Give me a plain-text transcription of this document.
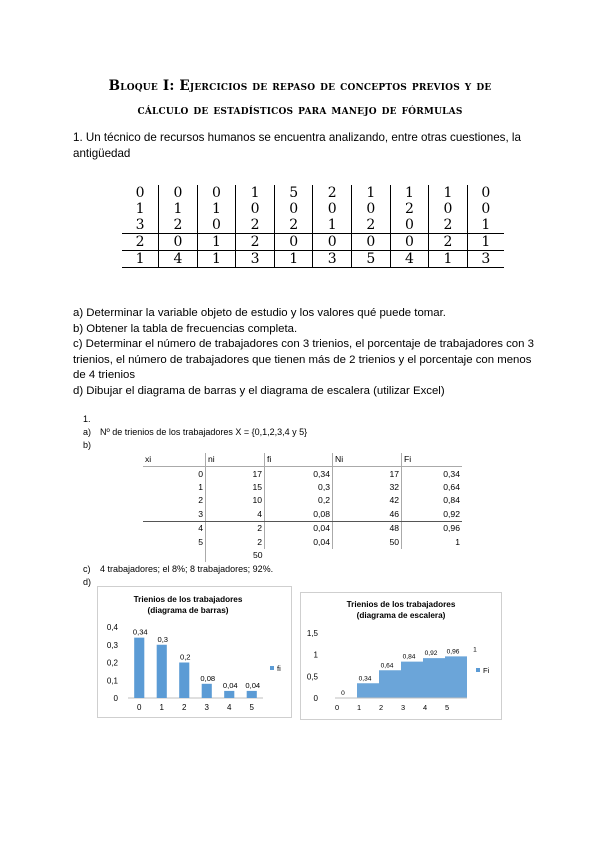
Bloque I: Ejercicios de repaso de conceptos previos y de
cálculo de estadísticos para manejo de fórmulas
1. Un técnico de recursos humanos se encuentra analizando, entre otras cuestiones, la
antigüedad
0	0	0	1	5	2	1	1	1	0
1	1	1	0	0	0	0	2	0	0
3	2	0	2	2	1	2	0	2	1
2	0	1	2	0	0	0	0	2	1
1	4	1	3	1	3	5	4	1	3
a) Determinar la variable objeto de estudio y los valores qué puede tomar.
b) Obtener la tabla de frecuencias completa.
c) Determinar el número de trabajadores con 3 trienios, el porcentaje de trabajadores con 3
trienios, el número de trabajadores que tienen más de 2 trienios y el porcentaje con menos
de 4 trienios
d) Dibujar el diagrama de barras y el diagrama de escalera (utilizar Excel)
1.
a) Nº de trienios de los trabajadores X = {0,1,2,3,4 y 5}
b)
xi	ni	fi	Ni	Fi
0	17	0,34	17	0,34
1	15	0,3	32	0,64
2	10	0,2	42	0,84
3	4	0,08	46	0,92
4	2	0,04	48	0,96
5	2	0,04	50	1
	50			
c) 4 trabajadores; el 8%; 8 trabajadores; 92%.
d)
Trienios de los trabajadores
(diagrama de barras)
0
0,1
0,2
0,3
0,4
0,34
0
0,3
1
0,2
2
0,08
3
0,04
4
0,04
5
fi
Trienios de los trabajadores
(diagrama de escalera)
0
0,5
1
1,5
0
0,34
0,64
0,84 0,92 0,96 1
0 1 2 3 4 5
Fi
